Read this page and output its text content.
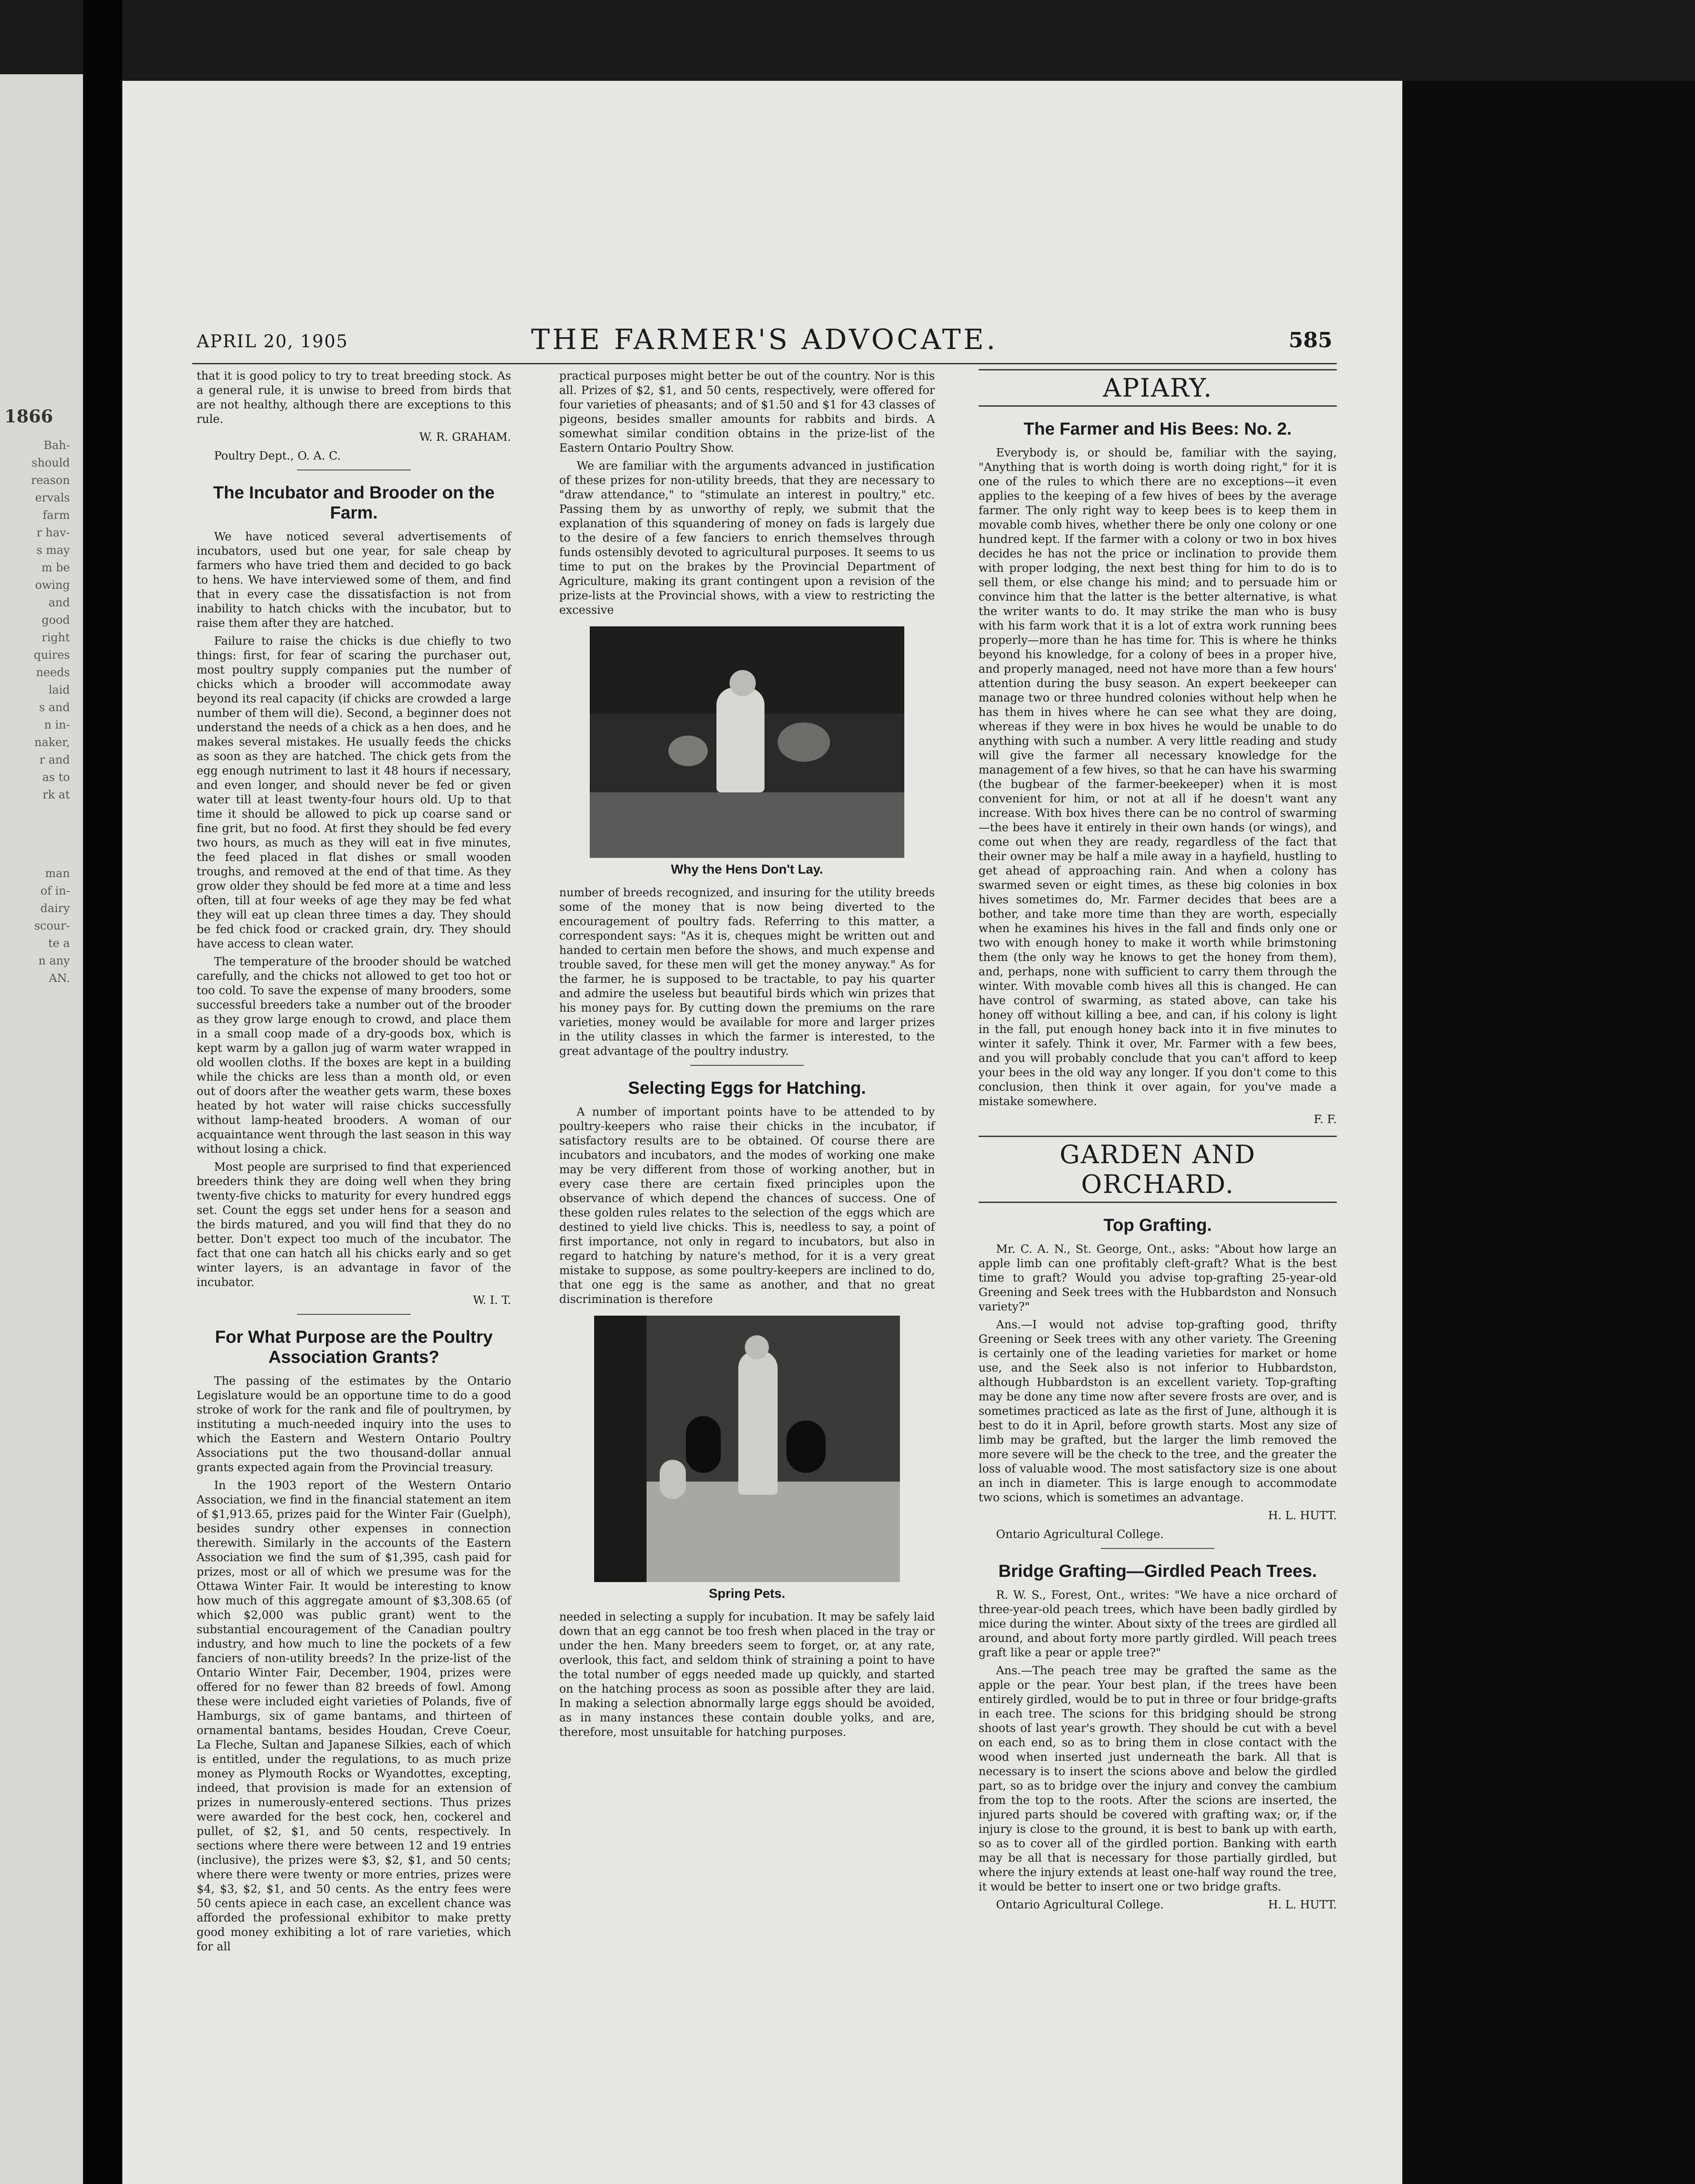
1866
Bah-
should
reason
ervals
farm
r hav-
s may
m be
owing
and
good
right
quires
needs
laid
s and
n in-
naker,
r and
as to
rk at
man
of in-
dairy
scour-
te a
n any
AN.
APRIL 20, 1905	THE FARMER'S ADVOCATE.	585

that it is good policy to try to treat breeding stock. As a general rule, it is unwise to breed from birds that are not healthy, although there are exceptions to this rule.

W. R. GRAHAM.
Poultry Dept., O. A. C.
The Incubator and Brooder on the Farm.

We have noticed several advertisements of incubators, used but one year, for sale cheap by farmers who have tried them and decided to go back to hens. We have interviewed some of them, and find that in every case the dissatisfaction is not from inability to hatch chicks with the incubator, but to raise them after they are hatched.

Failure to raise the chicks is due chiefly to two things: first, for fear of scaring the purchaser out, most poultry supply companies put the number of chicks which a brooder will accommodate away beyond its real capacity (if chicks are crowded a large number of them will die). Second, a beginner does not understand the needs of a chick as a hen does, and he makes several mistakes. He usually feeds the chicks as soon as they are hatched. The chick gets from the egg enough nutriment to last it 48 hours if necessary, and even longer, and should never be fed or given water till at least twenty-four hours old. Up to that time it should be allowed to pick up coarse sand or fine grit, but no food. At first they should be fed every two hours, as much as they will eat in five minutes, the feed placed in flat dishes or small wooden troughs, and removed at the end of that time. As they grow older they should be fed more at a time and less often, till at four weeks of age they may be fed what they will eat up clean three times a day. They should be fed chick food or cracked grain, dry. They should have access to clean water.

The temperature of the brooder should be watched carefully, and the chicks not allowed to get too hot or too cold. To save the expense of many brooders, some successful breeders take a number out of the brooder as they grow large enough to crowd, and place them in a small coop made of a dry-goods box, which is kept warm by a gallon jug of warm water wrapped in old woollen cloths. If the boxes are kept in a building while the chicks are less than a month old, or even out of doors after the weather gets warm, these boxes heated by hot water will raise chicks successfully without lamp-heated brooders. A woman of our acquaintance went through the last season in this way without losing a chick.

Most people are surprised to find that experienced breeders think they are doing well when they bring twenty-five chicks to maturity for every hundred eggs set. Count the eggs set under hens for a season and the birds matured, and you will find that they do no better. Don't expect too much of the incubator. The fact that one can hatch all his chicks early and so get winter layers, is an advantage in favor of the incubator.

W. I. T.
For What Purpose are the Poultry Association Grants?

The passing of the estimates by the Ontario Legislature would be an opportune time to do a good stroke of work for the rank and file of poultrymen, by instituting a much-needed inquiry into the uses to which the Eastern and Western Ontario Poultry Associations put the two thousand-dollar annual grants expected again from the Provincial treasury.

In the 1903 report of the Western Ontario Association, we find in the financial statement an item of $1,913.65, prizes paid for the Winter Fair (Guelph), besides sundry other expenses in connection therewith. Similarly in the accounts of the Eastern Association we find the sum of $1,395, cash paid for prizes, most or all of which we presume was for the Ottawa Winter Fair. It would be interesting to know how much of this aggregate amount of $3,308.65 (of which $2,000 was public grant) went to the substantial encouragement of the Canadian poultry industry, and how much to line the pockets of a few fanciers of non-utility breeds? In the prize-list of the Ontario Winter Fair, December, 1904, prizes were offered for no fewer than 82 breeds of fowl. Among these were included eight varieties of Polands, five of Hamburgs, six of game bantams, and thirteen of ornamental bantams, besides Houdan, Creve Coeur, La Fleche, Sultan and Japanese Silkies, each of which is entitled, under the regulations, to as much prize money as Plymouth Rocks or Wyandottes, excepting, indeed, that provision is made for an extension of prizes in numerously-entered sections. Thus prizes were awarded for the best cock, hen, cockerel and pullet, of $2, $1, and 50 cents, respectively. In sections where there were between 12 and 19 entries (inclusive), the prizes were $3, $2, $1, and 50 cents; where there were twenty or more entries, prizes were $4, $3, $2, $1, and 50 cents. As the entry fees were 50 cents apiece in each case, an excellent chance was afforded the professional exhibitor to make pretty good money exhibiting a lot of rare varieties, which for all

practical purposes might better be out of the country. Nor is this all. Prizes of $2, $1, and 50 cents, respectively, were offered for four varieties of pheasants; and of $1.50 and $1 for 43 classes of pigeons, besides smaller amounts for rabbits and birds. A somewhat similar condition obtains in the prize-list of the Eastern Ontario Poultry Show.

We are familiar with the arguments advanced in justification of these prizes for non-utility breeds, that they are necessary to "draw attendance," to "stimulate an interest in poultry," etc. Passing them by as unworthy of reply, we submit that the explanation of this squandering of money on fads is largely due to the desire of a few fanciers to enrich themselves through funds ostensibly devoted to agricultural purposes. It seems to us time to put on the brakes by the Provincial Department of Agriculture, making its grant contingent upon a revision of the prize-lists at the Provincial shows, with a view to restricting the excessive

Why the Hens Don't Lay.

number of breeds recognized, and insuring for the utility breeds some of the money that is now being diverted to the encouragement of poultry fads. Referring to this matter, a correspondent says: "As it is, cheques might be written out and handed to certain men before the shows, and much expense and trouble saved, for these men will get the money anyway." As for the farmer, he is supposed to be tractable, to pay his quarter and admire the useless but beautiful birds which win prizes that his money pays for. By cutting down the premiums on the rare varieties, money would be available for more and larger prizes in the utility classes in which the farmer is interested, to the great advantage of the poultry industry.

Selecting Eggs for Hatching.

A number of important points have to be attended to by poultry-keepers who raise their chicks in the incubator, if satisfactory results are to be obtained. Of course there are incubators and incubators, and the modes of working one make may be very different from those of working another, but in every case there are certain fixed principles upon the observance of which depend the chances of success. One of these golden rules relates to the selection of the eggs which are destined to yield live chicks. This is, needless to say, a point of first importance, not only in regard to incubators, but also in regard to hatching by nature's method, for it is a very great mistake to suppose, as some poultry-keepers are inclined to do, that one egg is the same as another, and that no great discrimination is therefore

Spring Pets.

needed in selecting a supply for incubation. It may be safely laid down that an egg cannot be too fresh when placed in the tray or under the hen. Many breeders seem to forget, or, at any rate, overlook, this fact, and seldom think of straining a point to have the total number of eggs needed made up quickly, and started on the hatching process as soon as possible after they are laid. In making a selection abnormally large eggs should be avoided, as in many instances these contain double yolks, and are, therefore, most unsuitable for hatching purposes.

APIARY.
The Farmer and His Bees: No. 2.

Everybody is, or should be, familiar with the saying, "Anything that is worth doing is worth doing right," for it is one of the rules to which there are no exceptions—it even applies to the keeping of a few hives of bees by the average farmer. The only right way to keep bees is to keep them in movable comb hives, whether there be only one colony or one hundred kept. If the farmer with a colony or two in box hives decides he has not the price or inclination to provide them with proper lodging, the next best thing for him to do is to sell them, or else change his mind; and to persuade him or convince him that the latter is the better alternative, is what the writer wants to do. It may strike the man who is busy with his farm work that it is a lot of extra work running bees properly—more than he has time for. This is where he thinks beyond his knowledge, for a colony of bees in a proper hive, and properly managed, need not have more than a few hours' attention during the busy season. An expert beekeeper can manage two or three hundred colonies without help when he has them in hives where he can see what they are doing, whereas if they were in box hives he would be unable to do anything with such a number. A very little reading and study will give the farmer all necessary knowledge for the management of a few hives, so that he can have his swarming (the bugbear of the farmer-beekeeper) when it is most convenient for him, or not at all if he doesn't want any increase. With box hives there can be no control of swarming—the bees have it entirely in their own hands (or wings), and come out when they are ready, regardless of the fact that their owner may be half a mile away in a hayfield, hustling to get ahead of approaching rain. And when a colony has swarmed seven or eight times, as these big colonies in box hives sometimes do, Mr. Farmer decides that bees are a bother, and take more time than they are worth, especially when he examines his hives in the fall and finds only one or two with enough honey to make it worth while brimstoning them (the only way he knows to get the honey from them), and, perhaps, none with sufficient to carry them through the winter. With movable comb hives all this is changed. He can have control of swarming, as stated above, can take his honey off without killing a bee, and can, if his colony is light in the fall, put enough honey back into it in five minutes to winter it safely. Think it over, Mr. Farmer with a few bees, and you will probably conclude that you can't afford to keep your bees in the old way any longer. If you don't come to this conclusion, then think it over again, for you've made a mistake somewhere.

F. F.
GARDEN AND ORCHARD.
Top Grafting.

Mr. C. A. N., St. George, Ont., asks: "About how large an apple limb can one profitably cleft-graft? What is the best time to graft? Would you advise top-grafting 25-year-old Greening and Seek trees with the Hubbardston and Nonsuch variety?"

Ans.—I would not advise top-grafting good, thrifty Greening or Seek trees with any other variety. The Greening is certainly one of the leading varieties for market or home use, and the Seek also is not inferior to Hubbardston, although Hubbardston is an excellent variety. Top-grafting may be done any time now after severe frosts are over, and is sometimes practiced as late as the first of June, although it is best to do it in April, before growth starts. Most any size of limb may be grafted, but the larger the limb removed the more severe will be the check to the tree, and the greater the loss of valuable wood. The most satisfactory size is one about an inch in diameter. This is large enough to accommodate two scions, which is sometimes an advantage.

H. L. HUTT.
Ontario Agricultural College.
Bridge Grafting—Girdled Peach Trees.

R. W. S., Forest, Ont., writes: "We have a nice orchard of three-year-old peach trees, which have been badly girdled by mice during the winter. About sixty of the trees are girdled all around, and about forty more partly girdled. Will peach trees graft like a pear or apple tree?"

Ans.—The peach tree may be grafted the same as the apple or the pear. Your best plan, if the trees have been entirely girdled, would be to put in three or four bridge-grafts in each tree. The scions for this bridging should be strong shoots of last year's growth. They should be cut with a bevel on each end, so as to bring them in close contact with the wood when inserted just underneath the bark. All that is necessary is to insert the scions above and below the girdled part, so as to bridge over the injury and convey the cambium from the top to the roots. After the scions are inserted, the injured parts should be covered with grafting wax; or, if the injury is close to the ground, it is best to bank up with earth, so as to cover all of the girdled portion. Banking with earth may be all that is necessary for those partially girdled, but where the injury extends at least one-half way round the tree, it would be better to insert one or two bridge grafts.

Ontario Agricultural College.	H. L. HUTT.
